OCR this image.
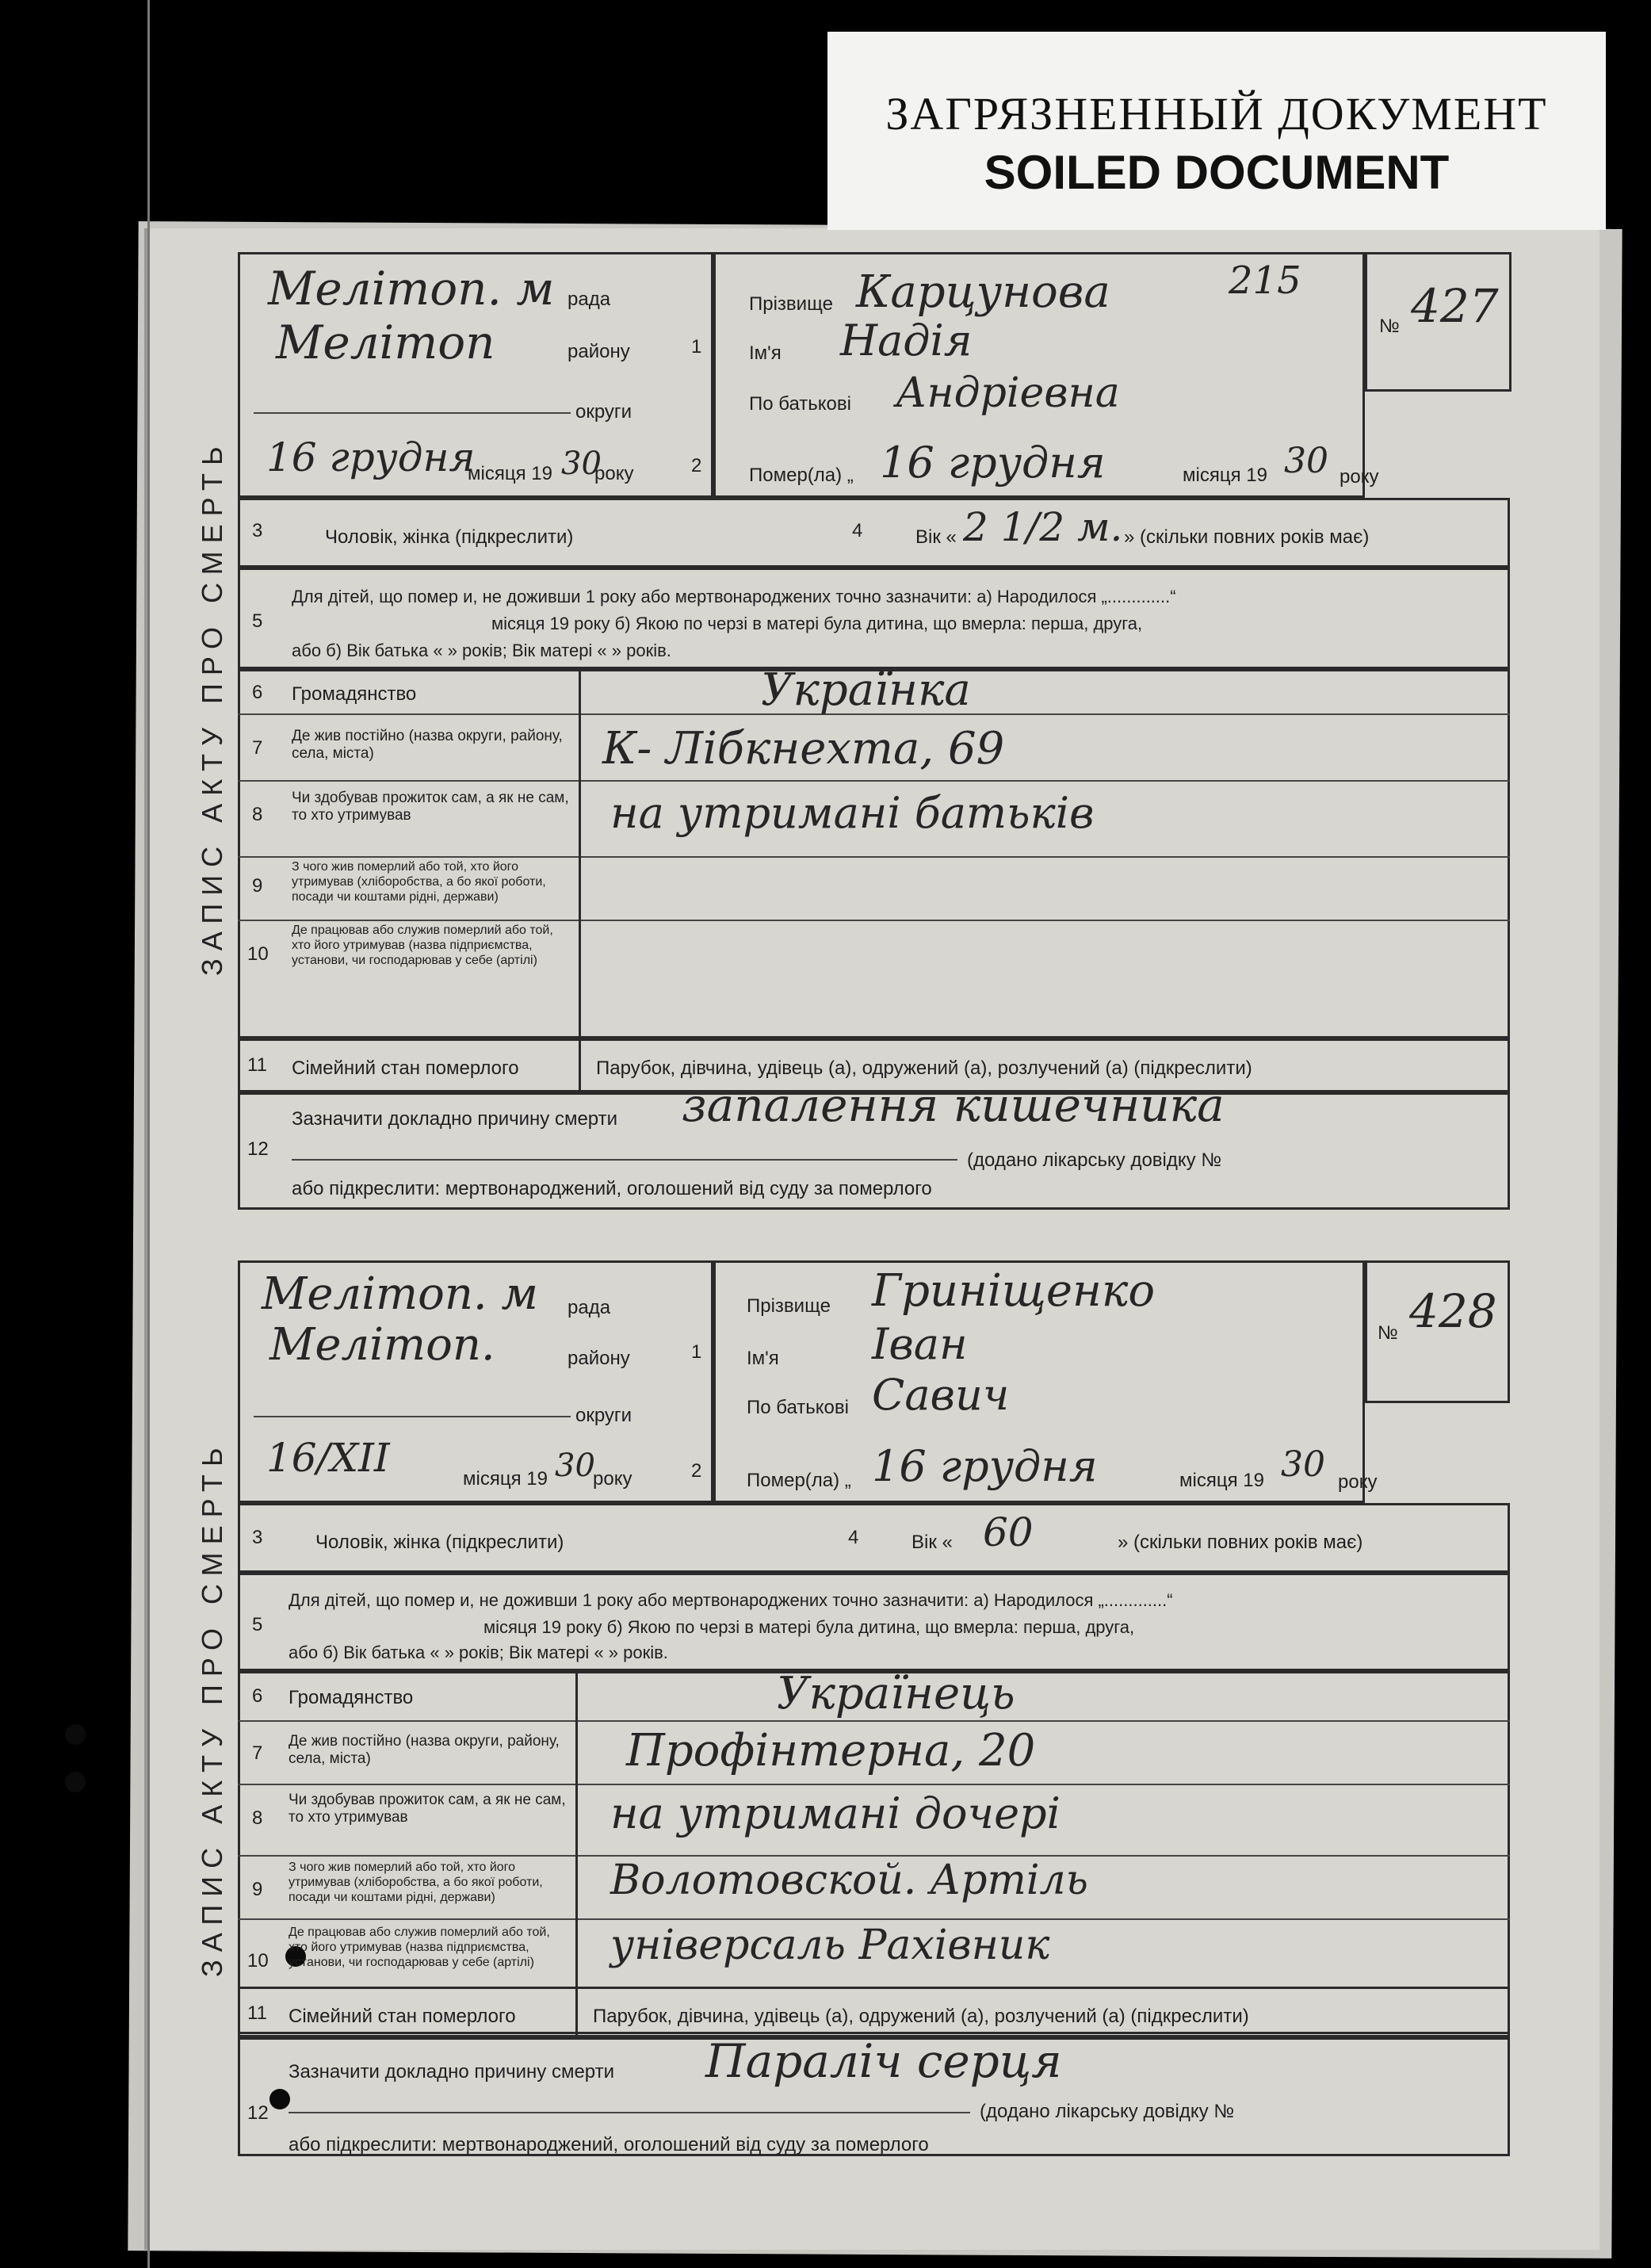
ЗАГРЯЗНЕННЫЙ ДОКУМЕНТ
SOILED DOCUMENT
ЗАПИС АКТУ ПРО СМЕРТЬ
Мелітоп. м рада
Мелітоп	району
округи
16 грудня
місяця 19 30
року
1
Прізвище Карцунова	215
Ім'я Надія
По батькові Андріевна
2 Помер(ла) „ 16 грудня	місяця 19 30 року
№ 427
3	Чоловік, жінка (підкреслити)	4	Вік « 2 1/2 м. » (скільки повних років має)
5
Для дітей, що помер и, не доживши 1 року або мертвонароджених точно зазначити: а) Народилося „.............“
місяця 19 року б) Якою по черзі в матері була дитина, що вмерла: перша, друга,
або б) Вік батька « » років; Вік матері « » років.
6 Громадянство	Українка
7
Де жив постійно (назва округи, району, села, міста)	К- Лібкнехта, 69
8
Чи здобував прожиток сам, а як не сам, то хто утримував	на утримані батьків
9
З чого жив померлий або той, хто його утримував (хліборобства, а бо якої роботи, посади чи коштами рідні, держави)
10
Де працював або служив померлий або той, хто його утримував (назва підприємства, установи, чи господарював у себе (артілі)
11 Сімейний стан померлого	Парубок, дівчина, удівець (а), одружений (а), розлучений (а) (підкреслити)
12
Зазначити докладно причину смерти запалення кишечника
(додано лікарську довідку №
або підкреслити: мертвонароджений, оголошений від суду за померлого
ЗАПИС АКТУ ПРО СМЕРТЬ
Мелітоп. м рада
Мелітоп.	району
округи
16/XII	місяця 19 30
року
1
Прізвище Гриніщенко
Ім'я Іван
По батькові Савич
2 Помер(ла) „ 16 грудня	місяця 19 30 року
№ 428
3	Чоловік, жінка (підкреслити)	4	Вік « 60	» (скільки повних років має)
5
Для дітей, що помер и, не доживши 1 року або мертвонароджених точно зазначити: а) Народилося „.............“
місяця 19 року б) Якою по черзі в матері була дитина, що вмерла: перша, друга,
або б) Вік батька « » років; Вік матері « » років.
6 Громадянство	Українець
7
Де жив постійно (назва округи, району, села, міста)	Профінтерна, 20
8
Чи здобував прожиток сам, а як не сам, то хто утримував	на утримані дочері
9
З чого жив померлий або той, хто його утримував (хліборобства, а бо якої роботи, посади чи коштами рідні, держави)	Волотовской. Артіль
10
Де працював або служив померлий або той, хто його утримував (назва підприємства, установи, чи господарював у себе (артілі)	універсаль Рахівник
11 Сімейний стан померлого	Парубок, дівчина, удівець (а), одружений (а), розлучений (а) (підкреслити)
12
Зазначити докладно причину смерти Параліч серця
(додано лікарську довідку №
або підкреслити: мертвонароджений, оголошений від суду за померлого
